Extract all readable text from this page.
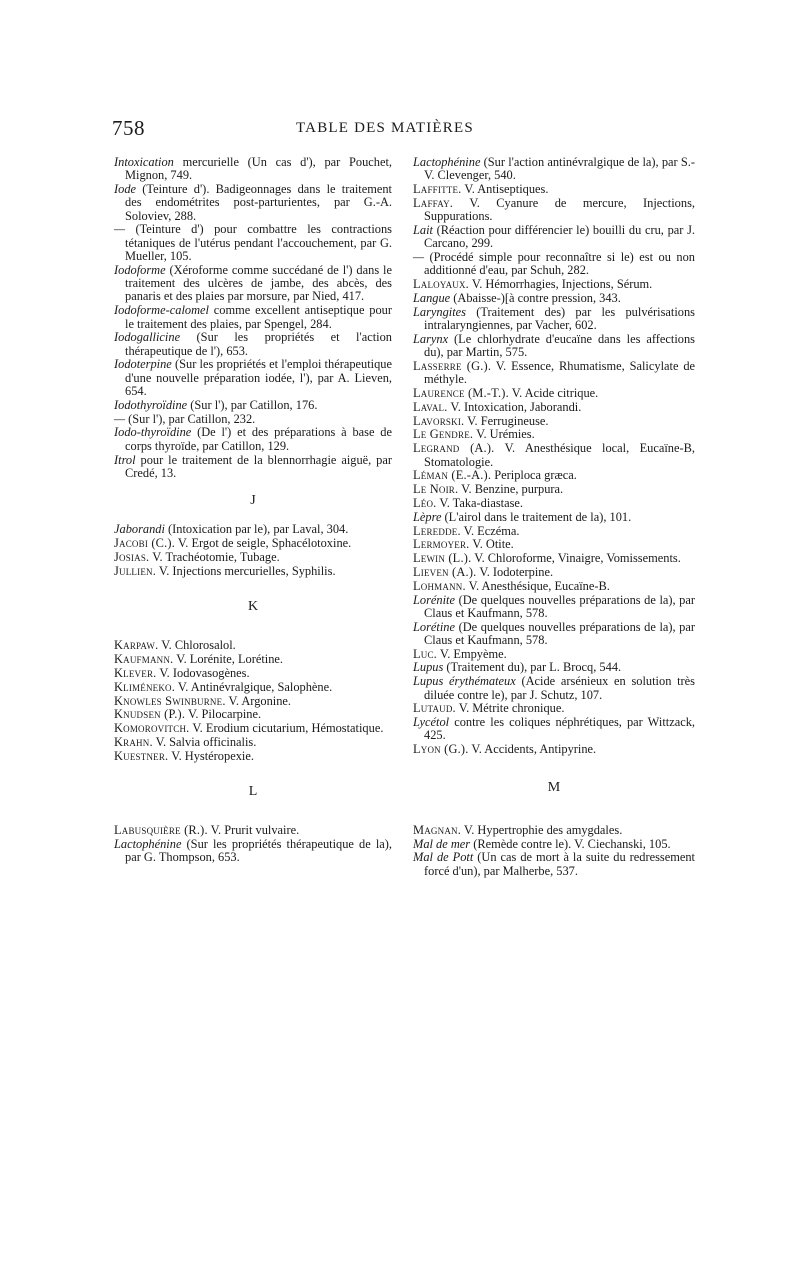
758	TABLE DES MATIÈRES

Intoxication mercurielle (Un cas d'), par Pouchet, Mignon, 749.

Iode (Teinture d'). Badigeonnages dans le traitement des endométrites post-parturientes, par G.-A. Soloviev, 288.

— (Teinture d') pour combattre les contractions tétaniques de l'utérus pendant l'accouchement, par G. Mueller, 105.

Iodoforme (Xéroforme comme succédané de l') dans le traitement des ulcères de jambe, des abcès, des panaris et des plaies par morsure, par Nied, 417.

Iodoforme-calomel comme excellent antiseptique pour le traitement des plaies, par Spengel, 284.

Iodogallicine (Sur les propriétés et l'action thérapeutique de l'), 653.

Iodoterpine (Sur les propriétés et l'emploi thérapeutique d'une nouvelle préparation iodée, l'), par A. Lieven, 654.

Iodothyroïdine (Sur l'), par Catillon, 176.

— (Sur l'), par Catillon, 232.

Iodo-thyroïdine (De l') et des préparations à base de corps thyroïde, par Catillon, 129.

Itrol pour le traitement de la blennorrhagie aiguë, par Credé, 13.

J

Jaborandi (Intoxication par le), par Laval, 304.

Jacobi (C.). V. Ergot de seigle, Sphacélotoxine.

Josias. V. Trachéotomie, Tubage.

Jullien. V. Injections mercurielles, Syphilis.

K

Karpaw. V. Chlorosalol.

Kaufmann. V. Lorénite, Lorétine.

Klever. V. Iodovasogènes.

Kliméneko. V. Antinévralgique, Salophène.

Knowles Swinburne. V. Argonine.

Knudsen (P.). V. Pilocarpine.

Komorovitch. V. Erodium cicutarium, Hémostatique.

Krahn. V. Salvia officinalis.

Kuestner. V. Hystéropexie.

L

Labusquière (R.). V. Prurit vulvaire.

Lactophénine (Sur les propriétés thérapeutique de la), par G. Thompson, 653.

Lactophénine (Sur l'action antinévralgique de la), par S.-V. Clevenger, 540.

Laffitte. V. Antiseptiques.

Laffay. V. Cyanure de mercure, Injections, Suppurations.

Lait (Réaction pour différencier le) bouilli du cru, par J. Carcano, 299.

— (Procédé simple pour reconnaître si le) est ou non additionné d'eau, par Schuh, 282.

Laloyaux. V. Hémorrhagies, Injections, Sérum.

Langue (Abaisse-)[à contre pression, 343.

Laryngites (Traitement des) par les pulvérisations intralaryngiennes, par Vacher, 602.

Larynx (Le chlorhydrate d'eucaïne dans les affections du), par Martin, 575.

Lasserre (G.). V. Essence, Rhumatisme, Salicylate de méthyle.

Laurence (M.-T.). V. Acide citrique.

Laval. V. Intoxication, Jaborandi.

Lavorski. V. Ferrugineuse.

Le Gendre. V. Urémies.

Legrand (A.). V. Anesthésique local, Eucaïne-B, Stomatologie.

Léman (E.-A.). Periploca græca.

Le Noir. V. Benzine, purpura.

Léo. V. Taka-diastase.

Lèpre (L'airol dans le traitement de la), 101.

Leredde. V. Eczéma.

Lermoyer. V. Otite.

Lewin (L.). V. Chloroforme, Vinaigre, Vomissements.

Lieven (A.). V. Iodoterpine.

Lohmann. V. Anesthésique, Eucaïne-B.

Lorénite (De quelques nouvelles préparations de la), par Claus et Kaufmann, 578.

Lorétine (De quelques nouvelles préparations de la), par Claus et Kaufmann, 578.

Luc. V. Empyème.

Lupus (Traitement du), par L. Brocq, 544.

Lupus érythémateux (Acide arsénieux en solution très diluée contre le), par J. Schutz, 107.

Lutaud. V. Métrite chronique.

Lycétol contre les coliques néphrétiques, par Wittzack, 425.

Lyon (G.). V. Accidents, Antipyrine.

M

Magnan. V. Hypertrophie des amygdales.

Mal de mer (Remède contre le). V. Ciechanski, 105.

Mal de Pott (Un cas de mort à la suite du redressement forcé d'un), par Malherbe, 537.
